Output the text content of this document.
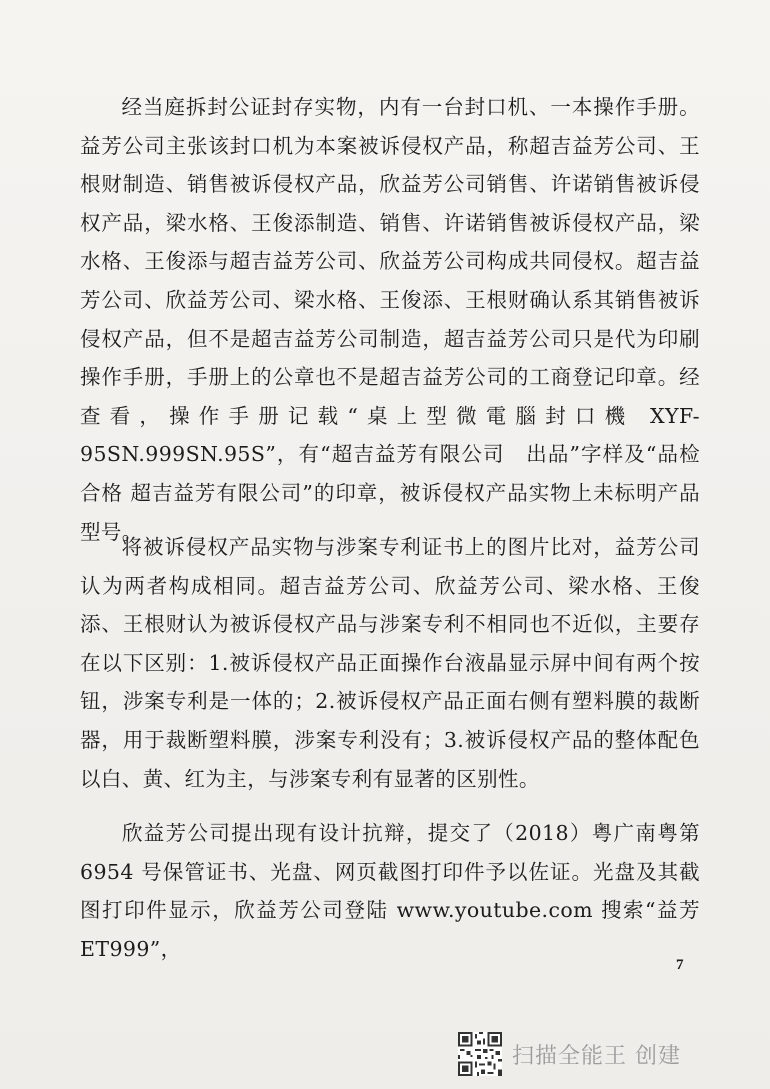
经当庭拆封公证封存实物，内有一台封口机、一本操作手册。益芳公司主张该封口机为本案被诉侵权产品，称超吉益芳公司、王根财制造、销售被诉侵权产品，欣益芳公司销售、许诺销售被诉侵权产品，梁水格、王俊添制造、销售、许诺销售被诉侵权产品，梁水格、王俊添与超吉益芳公司、欣益芳公司构成共同侵权。超吉益芳公司、欣益芳公司、梁水格、王俊添、王根财确认系其销售被诉侵权产品，但不是超吉益芳公司制造，超吉益芳公司只是代为印刷操作手册，手册上的公章也不是超吉益芳公司的工商登记印章。经查看，操作手册记载“桌上型微電腦封口機 XYF-95SN.999SN.95S”，有“超吉益芳有限公司　出品”字样及“品检合格 超吉益芳有限公司”的印章，被诉侵权产品实物上未标明产品型号。

将被诉侵权产品实物与涉案专利证书上的图片比对，益芳公司认为两者构成相同。超吉益芳公司、欣益芳公司、梁水格、王俊添、王根财认为被诉侵权产品与涉案专利不相同也不近似，主要存在以下区别：1.被诉侵权产品正面操作台液晶显示屏中间有两个按钮，涉案专利是一体的；2.被诉侵权产品正面右侧有塑料膜的裁断器，用于裁断塑料膜，涉案专利没有；3.被诉侵权产品的整体配色以白、黄、红为主，与涉案专利有显著的区别性。

欣益芳公司提出现有设计抗辩，提交了（2018）粤广南粤第 6954 号保管证书、光盘、网页截图打印件予以佐证。光盘及其截图打印件显示，欣益芳公司登陆 www.youtube.com 搜索“益芳 ET999”，

7
扫描全能王 创建
